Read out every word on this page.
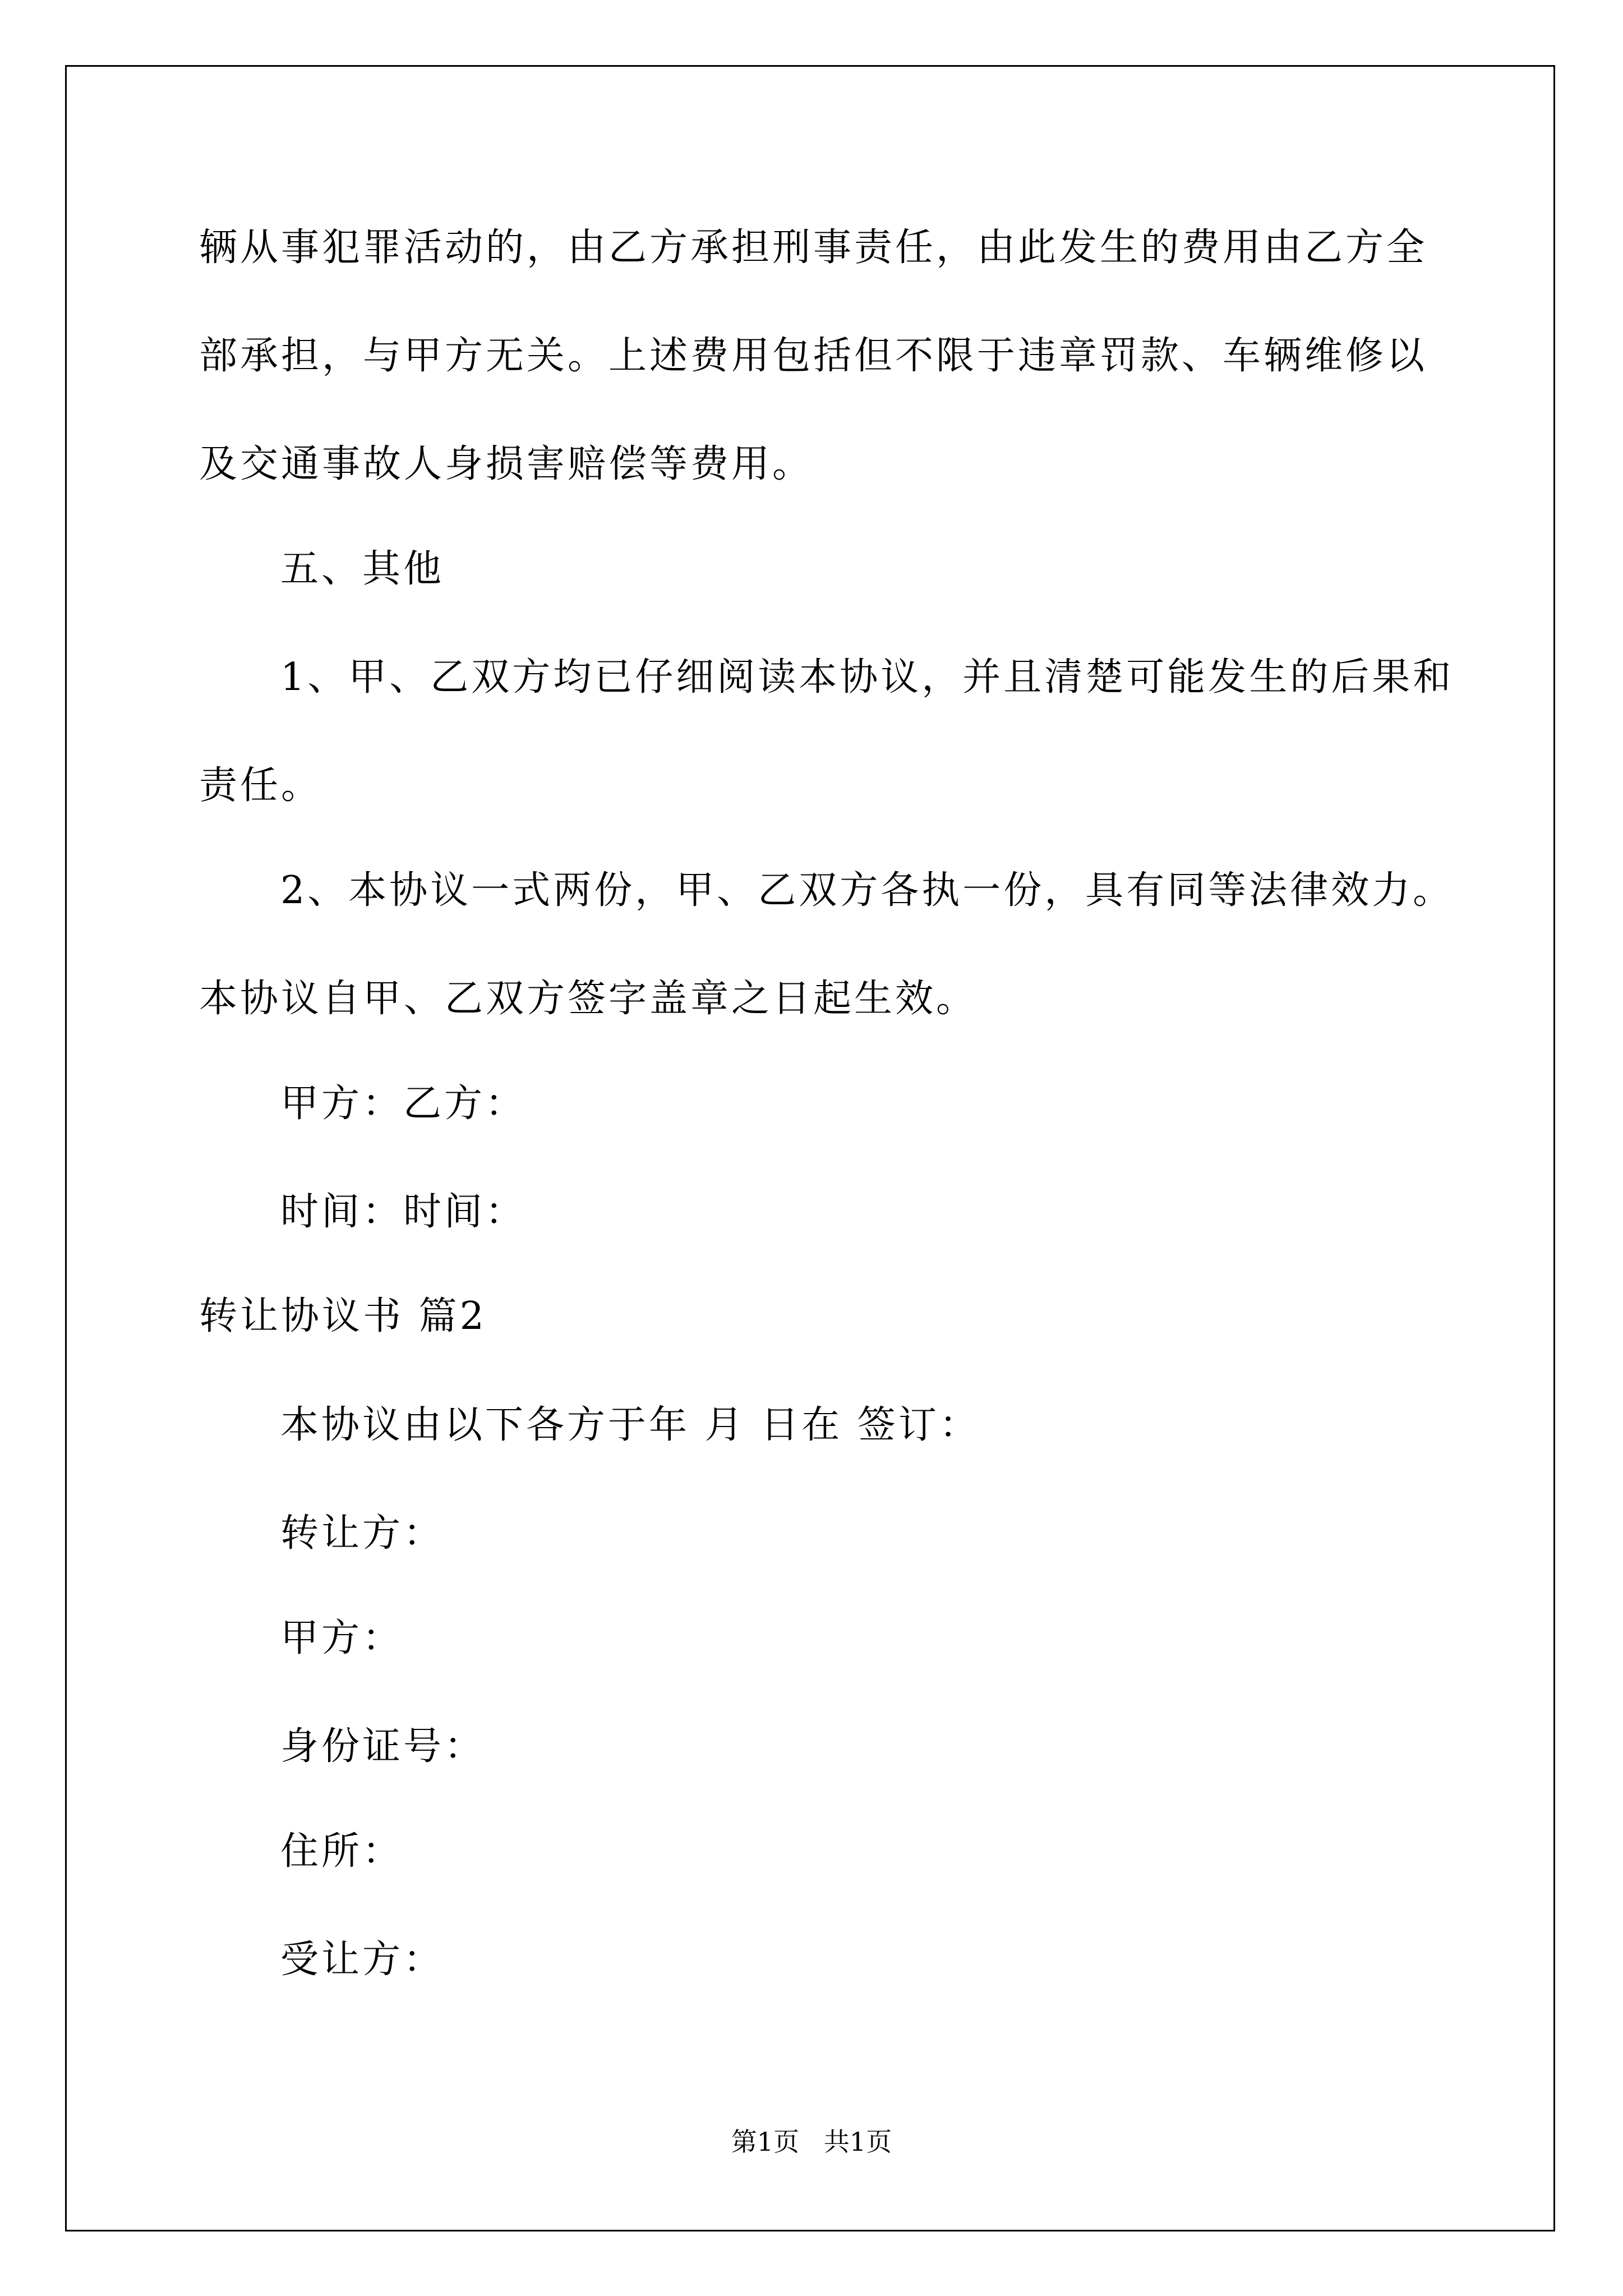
辆从事犯罪活动的，由乙方承担刑事责任，由此发生的费用由乙方全
部承担，与甲方无关。上述费用包括但不限于违章罚款、车辆维修以
及交通事故人身损害赔偿等费用。
五、其他
1、甲、乙双方均已仔细阅读本协议，并且清楚可能发生的后果和
责任。
2、本协议一式两份，甲、乙双方各执一份，具有同等法律效力。
本协议自甲、乙双方签字盖章之日起生效。
甲方：乙方：
时间：时间：
转让协议书 篇2
本协议由以下各方于年 月 日在 签订：
转让方：
甲方：
身份证号：
住所：
受让方：
第1页   共1页
